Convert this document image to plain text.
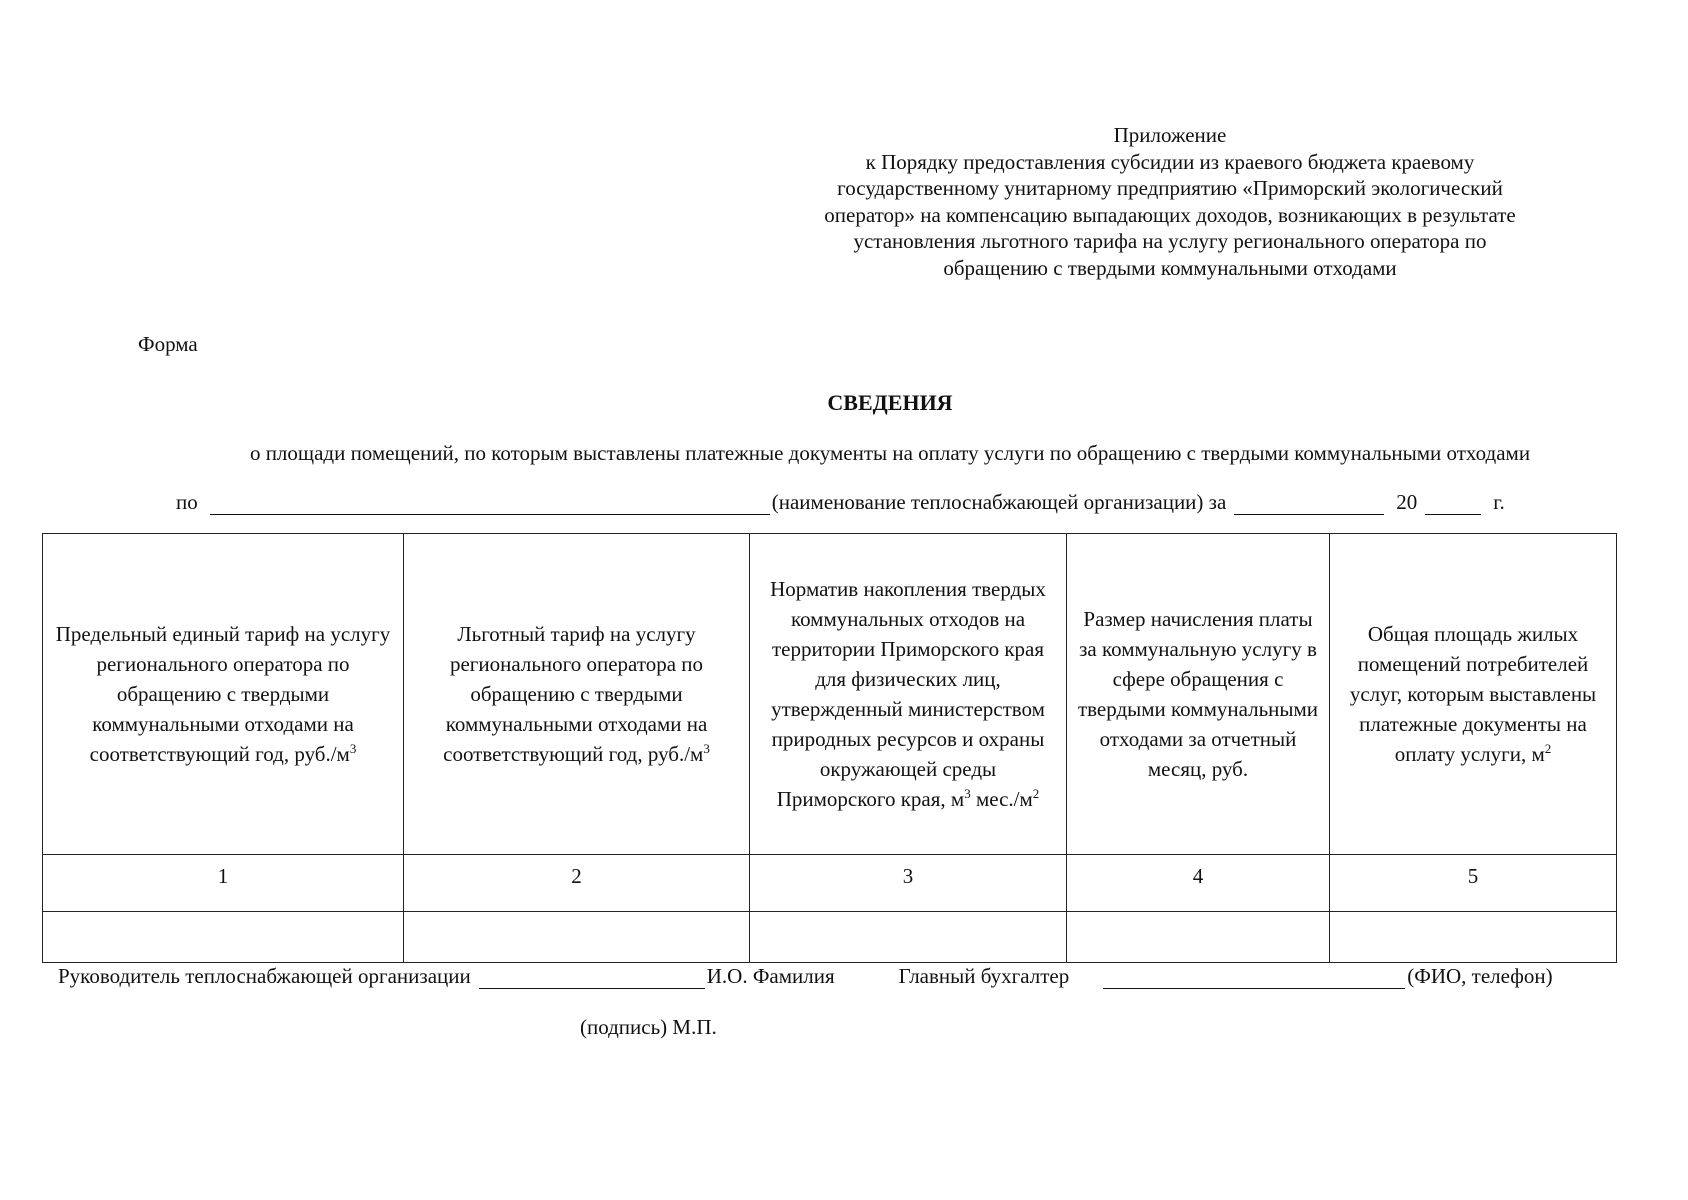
Приложение
к Порядку предоставления субсидии из краевого бюджета краевому
государственному унитарному предприятию «Приморский экологический
оператор» на компенсацию выпадающих доходов, возникающих в результате
установления льготного тарифа на услугу регионального оператора по
обращению с твердыми коммунальными отходами
Форма
СВЕДЕНИЯ
о площади помещений, по которым выставлены платежные документы на оплату услуги по обращению с твердыми коммунальными отходами
по	(наименование теплоснабжающей организации) за	20	г.
Предельный единый тариф на услугу регионального оператора по обращению с твердыми коммунальными отходами на соответствующий год, $руб./м^3$	Льготный тариф на услугу регионального оператора по обращению с твердыми коммунальными отходами на соответствующий год, $руб./м^3$	Норматив накопления твердых коммунальных отходов на территории Приморского края для физических лиц, утвержденный министерством природных ресурсов и охраны окружающей среды Приморского края, $м^3$ $мес./м^2$	Размер начисления платы за коммунальную услугу в сфере обращения с твердыми коммунальными отходами за отчетный месяц, руб.	Общая площадь жилых помещений потребителей услуг, которым выставлены платежные документы на оплату услуги, $м^2$
1	2	3	4	5

Руководитель теплоснабжающей организации	И.О. Фамилия	Главный бухгалтер	(ФИО, телефон)
(подпись) М.П.
